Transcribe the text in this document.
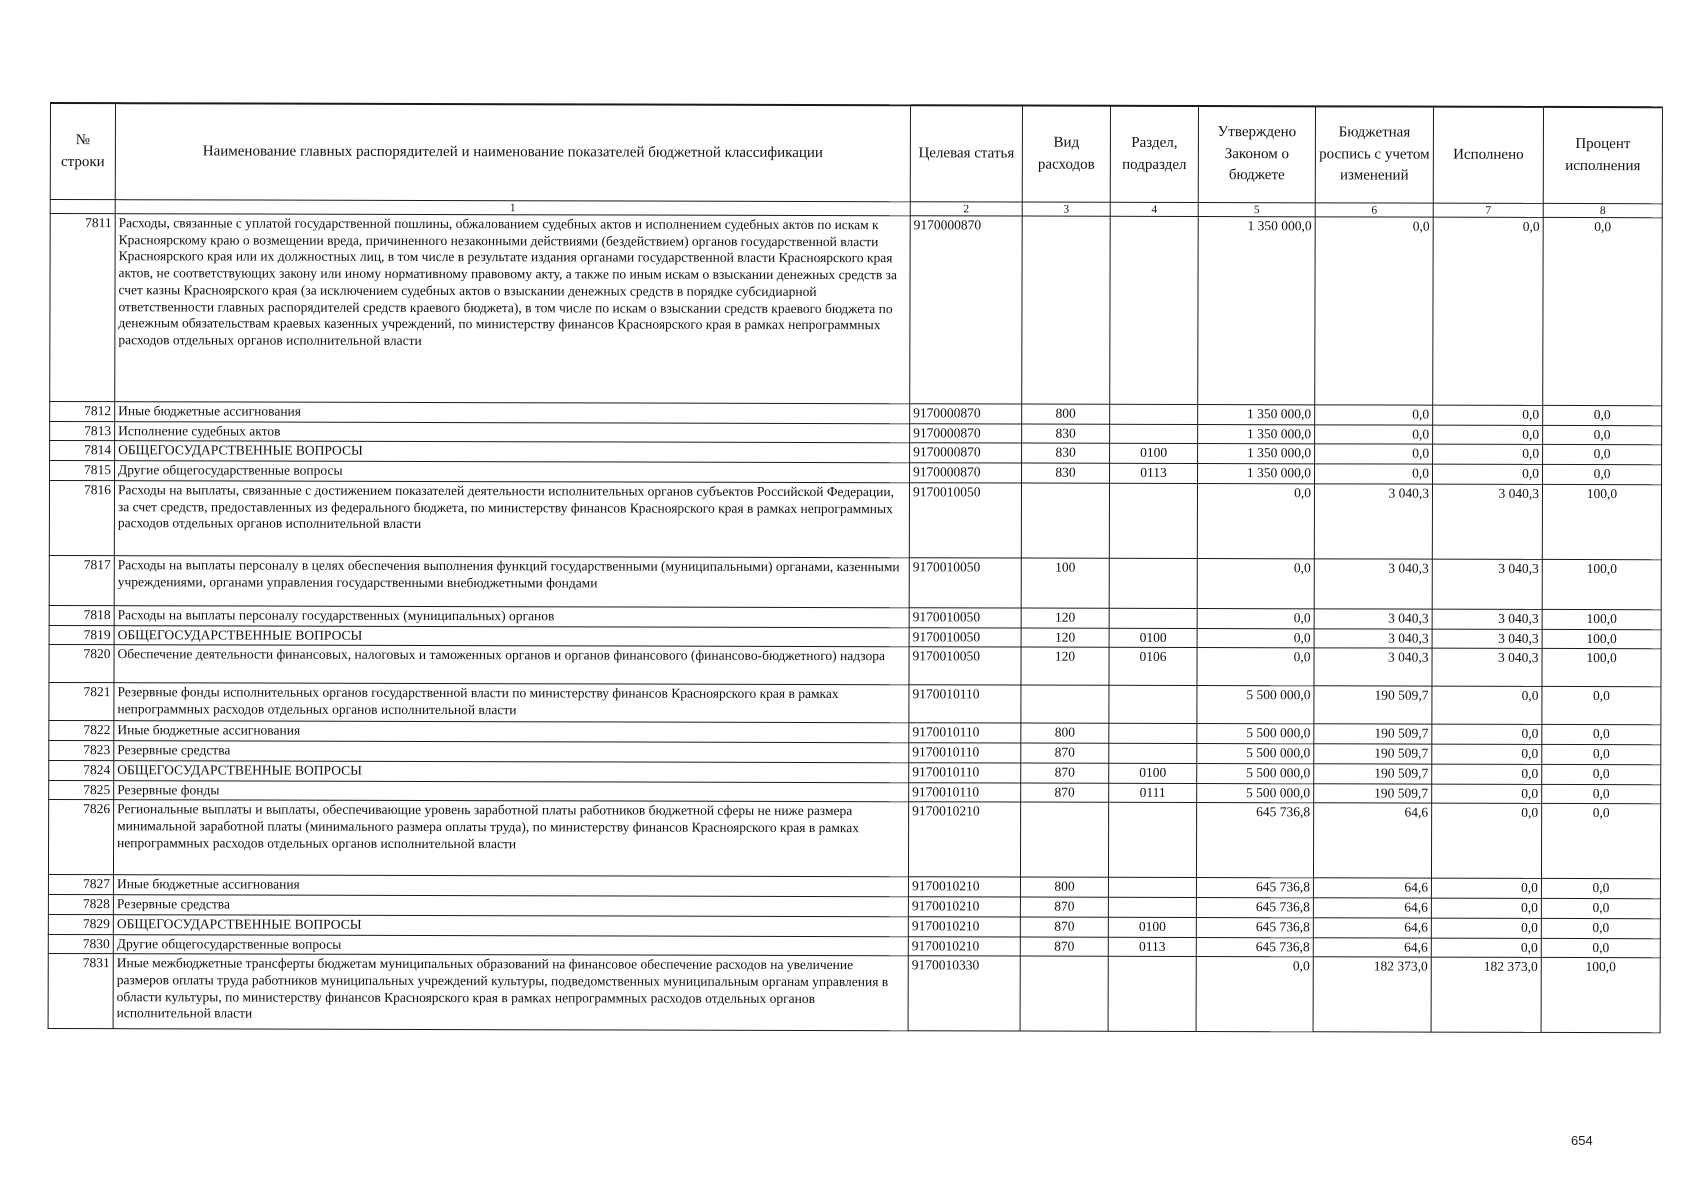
№ строки	Наименование главных распорядителей и наименование показателей бюджетной классификации	Целевая статья	Вид расходов	Раздел, подраздел	Утверждено Законом о бюджете	Бюджетная роспись с учетом изменений	Исполнено	Процент исполнения
	1	2	3	4	5	6	7	8
7811	Расходы, связанные с уплатой государственной пошлины, обжалованием судебных актов и исполнением судебных актов по искам к Красноярскому краю о возмещении вреда, причиненного незаконными действиями (бездействием) органов государственной власти Красноярского края или их должностных лиц, в том числе в результате издания органами государственной власти Красноярского края актов, не соответствующих закону или иному нормативному правовому акту, а также по иным искам о взыскании денежных средств за счет казны Красноярского края (за исключением судебных актов о взыскании денежных средств в порядке субсидиарной ответственности главных распорядителей средств краевого бюджета), в том числе по искам о взыскании средств краевого бюджета по денежным обязательствам краевых казенных учреждений, по министерству финансов Красноярского края в рамках непрограммных расходов отдельных органов исполнительной власти	9170000870			1 350 000,0	0,0	0,0	0,0
7812	Иные бюджетные ассигнования	9170000870	800		1 350 000,0	0,0	0,0	0,0
7813	Исполнение судебных актов	9170000870	830		1 350 000,0	0,0	0,0	0,0
7814	ОБЩЕГОСУДАРСТВЕННЫЕ ВОПРОСЫ	9170000870	830	0100	1 350 000,0	0,0	0,0	0,0
7815	Другие общегосударственные вопросы	9170000870	830	0113	1 350 000,0	0,0	0,0	0,0
7816	Расходы на выплаты, связанные с достижением показателей деятельности исполнительных органов субъектов Российской Федерации, за счет средств, предоставленных из федерального бюджета, по министерству финансов Красноярского края в рамках непрограммных расходов отдельных органов исполнительной власти	9170010050			0,0	3 040,3	3 040,3	100,0
7817	Расходы на выплаты персоналу в целях обеспечения выполнения функций государственными (муниципальными) органами, казенными учреждениями, органами управления государственными внебюджетными фондами	9170010050	100		0,0	3 040,3	3 040,3	100,0
7818	Расходы на выплаты персоналу государственных (муниципальных) органов	9170010050	120		0,0	3 040,3	3 040,3	100,0
7819	ОБЩЕГОСУДАРСТВЕННЫЕ ВОПРОСЫ	9170010050	120	0100	0,0	3 040,3	3 040,3	100,0
7820	Обеспечение деятельности финансовых, налоговых и таможенных органов и органов финансового (финансово-бюджетного) надзора	9170010050	120	0106	0,0	3 040,3	3 040,3	100,0
7821	Резервные фонды исполнительных органов государственной власти по министерству финансов Красноярского края в рамках непрограммных расходов отдельных органов исполнительной власти	9170010110			5 500 000,0	190 509,7	0,0	0,0
7822	Иные бюджетные ассигнования	9170010110	800		5 500 000,0	190 509,7	0,0	0,0
7823	Резервные средства	9170010110	870		5 500 000,0	190 509,7	0,0	0,0
7824	ОБЩЕГОСУДАРСТВЕННЫЕ ВОПРОСЫ	9170010110	870	0100	5 500 000,0	190 509,7	0,0	0,0
7825	Резервные фонды	9170010110	870	0111	5 500 000,0	190 509,7	0,0	0,0
7826	Региональные выплаты и выплаты, обеспечивающие уровень заработной платы работников бюджетной сферы не ниже размера минимальной заработной платы (минимального размера оплаты труда), по министерству финансов Красноярского края в рамках непрограммных расходов отдельных органов исполнительной власти	9170010210			645 736,8	64,6	0,0	0,0
7827	Иные бюджетные ассигнования	9170010210	800		645 736,8	64,6	0,0	0,0
7828	Резервные средства	9170010210	870		645 736,8	64,6	0,0	0,0
7829	ОБЩЕГОСУДАРСТВЕННЫЕ ВОПРОСЫ	9170010210	870	0100	645 736,8	64,6	0,0	0,0
7830	Другие общегосударственные вопросы	9170010210	870	0113	645 736,8	64,6	0,0	0,0
7831	Иные межбюджетные трансферты бюджетам муниципальных образований на финансовое обеспечение расходов на увеличение размеров оплаты труда работников муниципальных учреждений культуры, подведомственных муниципальным органам управления в области культуры, по министерству финансов Красноярского края в рамках непрограммных расходов отдельных органов исполнительной власти	9170010330			0,0	182 373,0	182 373,0	100,0
654
